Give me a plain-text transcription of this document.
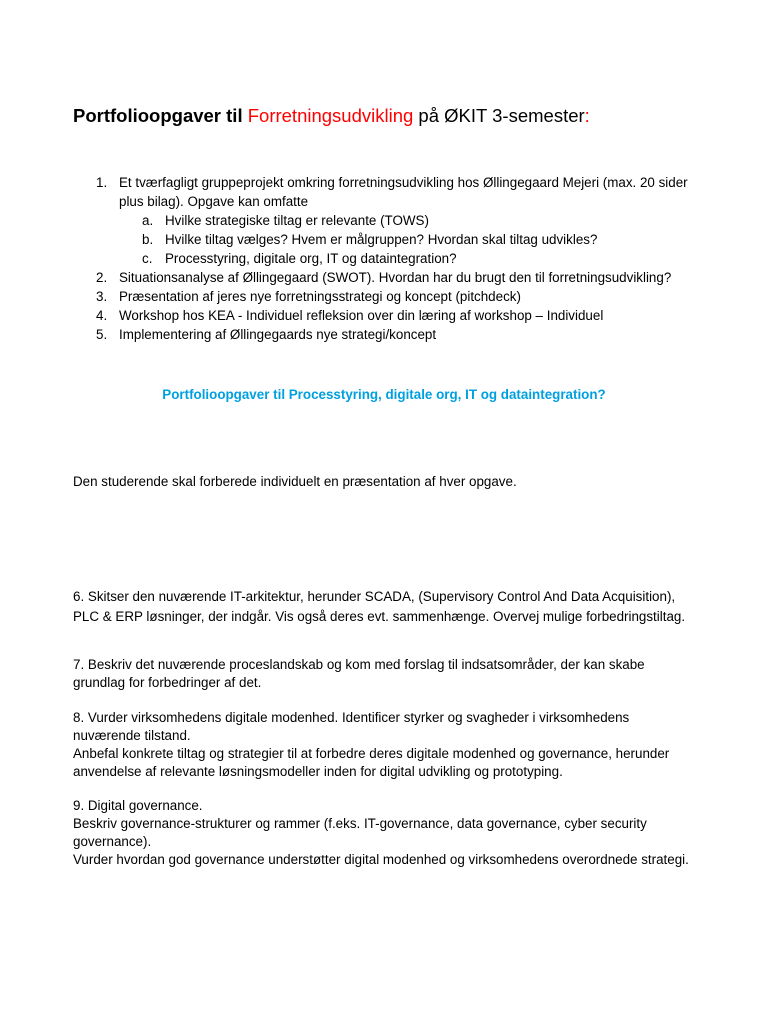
Portfolioopgaver til Forretningsudvikling på ØKIT 3-semester:
1. Et tværfagligt gruppeprojekt omkring forretningsudvikling hos Øllingegaard Mejeri (max. 20 sider plus bilag). Opgave kan omfatte
a. Hvilke strategiske tiltag er relevante (TOWS)
b. Hvilke tiltag vælges? Hvem er målgruppen? Hvordan skal tiltag udvikles?
c. Processtyring, digitale org, IT og dataintegration?
2. Situationsanalyse af Øllingegaard (SWOT). Hvordan har du brugt den til forretningsudvikling?
3. Præsentation af jeres nye forretningsstrategi og koncept (pitchdeck)
4. Workshop hos KEA - Individuel refleksion over din læring af workshop – Individuel
5. Implementering af Øllingegaards nye strategi/koncept
Portfolioopgaver til Processtyring, digitale org, IT og dataintegration?
Den studerende skal forberede individuelt en præsentation af hver opgave.
6. Skitser den nuværende IT-arkitektur, herunder SCADA, (Supervisory Control And Data Acquisition), PLC & ERP løsninger, der indgår. Vis også deres evt. sammenhænge. Overvej mulige forbedringstiltag.
7. Beskriv det nuværende proceslandskab og kom med forslag til indsatsområder, der kan skabe grundlag for forbedringer af det.
8. Vurder virksomhedens digitale modenhed. Identificer styrker og svagheder i virksomhedens nuværende tilstand.
Anbefal konkrete tiltag og strategier til at forbedre deres digitale modenhed og governance, herunder anvendelse af relevante løsningsmodeller inden for digital udvikling og prototyping.
9. Digital governance.
Beskriv governance-strukturer og rammer (f.eks. IT-governance, data governance, cyber security governance).
Vurder hvordan god governance understøtter digital modenhed og virksomhedens overordnede strategi.
